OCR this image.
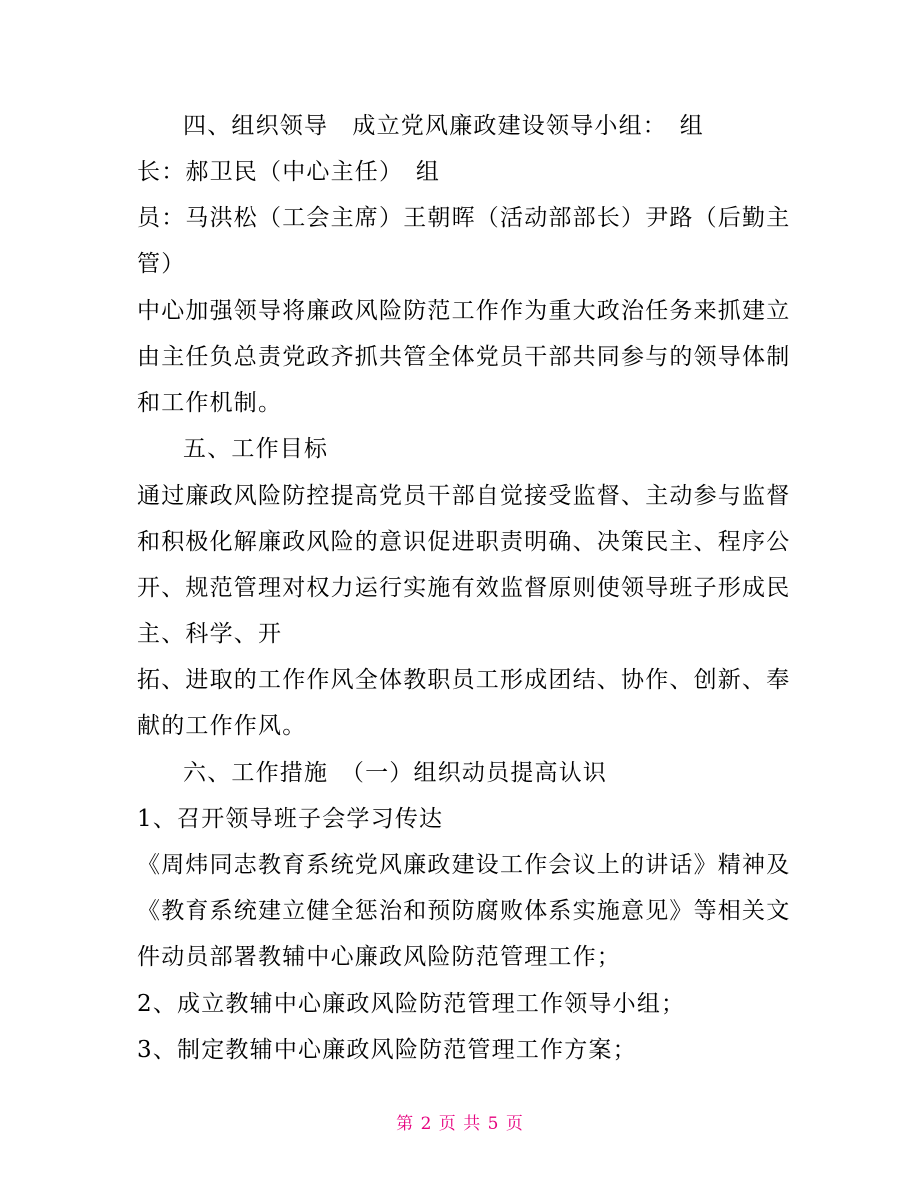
四、组织领导　成立党风廉政建设领导小组：　组
长：郝卫民（中心主任）　组
员：马洪松（工会主席）王朝晖（活动部部长）尹路（后勤主
管）
中心加强领导将廉政风险防范工作作为重大政治任务来抓建立
由主任负总责党政齐抓共管全体党员干部共同参与的领导体制
和工作机制。
五、工作目标
通过廉政风险防控提高党员干部自觉接受监督、主动参与监督
和积极化解廉政风险的意识促进职责明确、决策民主、程序公
开、规范管理对权力运行实施有效监督原则使领导班子形成民
主、科学、开
拓、进取的工作作风全体教职员工形成团结、协作、创新、奉
献的工作作风。
六、工作措施　（一）组织动员提高认识
1、召开领导班子会学习传达
《周炜同志教育系统党风廉政建设工作会议上的讲话》精神及
《教育系统建立健全惩治和预防腐败体系实施意见》等相关文
件动员部署教辅中心廉政风险防范管理工作；
2、成立教辅中心廉政风险防范管理工作领导小组；
3、制定教辅中心廉政风险防范管理工作方案；
第 2 页 共 5 页
